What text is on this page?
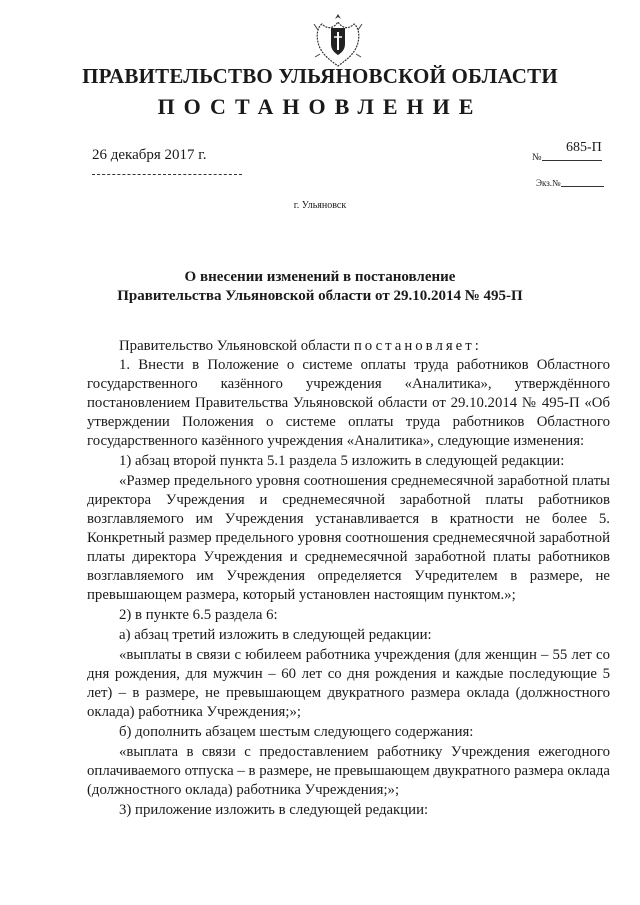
ПРАВИТЕЛЬСТВО УЛЬЯНОВСКОЙ ОБЛАСТИ
ПОСТАНОВЛЕНИЕ
26 декабря 2017 г.	№
685-П
Экз.№
г. Ульяновск
О внесении изменений в постановление
Правительства Ульяновской области от 29.10.2014 № 495-П

Правительство Ульяновской области постановляет:

1. Внести в Положение о системе оплаты труда работников Областного государственного казённого учреждения «Аналитика», утверждённого постановлением Правительства Ульяновской области от 29.10.2014 № 495-П «Об утверждении Положения о системе оплаты труда работников Областного государственного казённого учреждения «Аналитика», следующие изменения:

1) абзац второй пункта 5.1 раздела 5 изложить в следующей редакции:

«Размер предельного уровня соотношения среднемесячной заработной платы директора Учреждения и среднемесячной заработной платы работников возглавляемого им Учреждения устанавливается в кратности не более 5. Конкретный размер предельного уровня соотношения среднемесячной заработной платы директора Учреждения и среднемесячной заработной платы работников возглавляемого им Учреждения определяется Учредителем в размере, не превышающем размера, который установлен настоящим пунктом.»;

2) в пункте 6.5 раздела 6:

а) абзац третий изложить в следующей редакции:

«выплаты в связи с юбилеем работника учреждения (для женщин – 55 лет со дня рождения, для мужчин – 60 лет со дня рождения и каждые последующие 5 лет) – в размере, не превышающем двукратного размера оклада (должностного оклада) работника Учреждения;»;

б) дополнить абзацем шестым следующего содержания:

«выплата в связи с предоставлением работнику Учреждения ежегодного оплачиваемого отпуска – в размере, не превышающем двукратного размера оклада (должностного оклада) работника Учреждения;»;

3) приложение изложить в следующей редакции:
